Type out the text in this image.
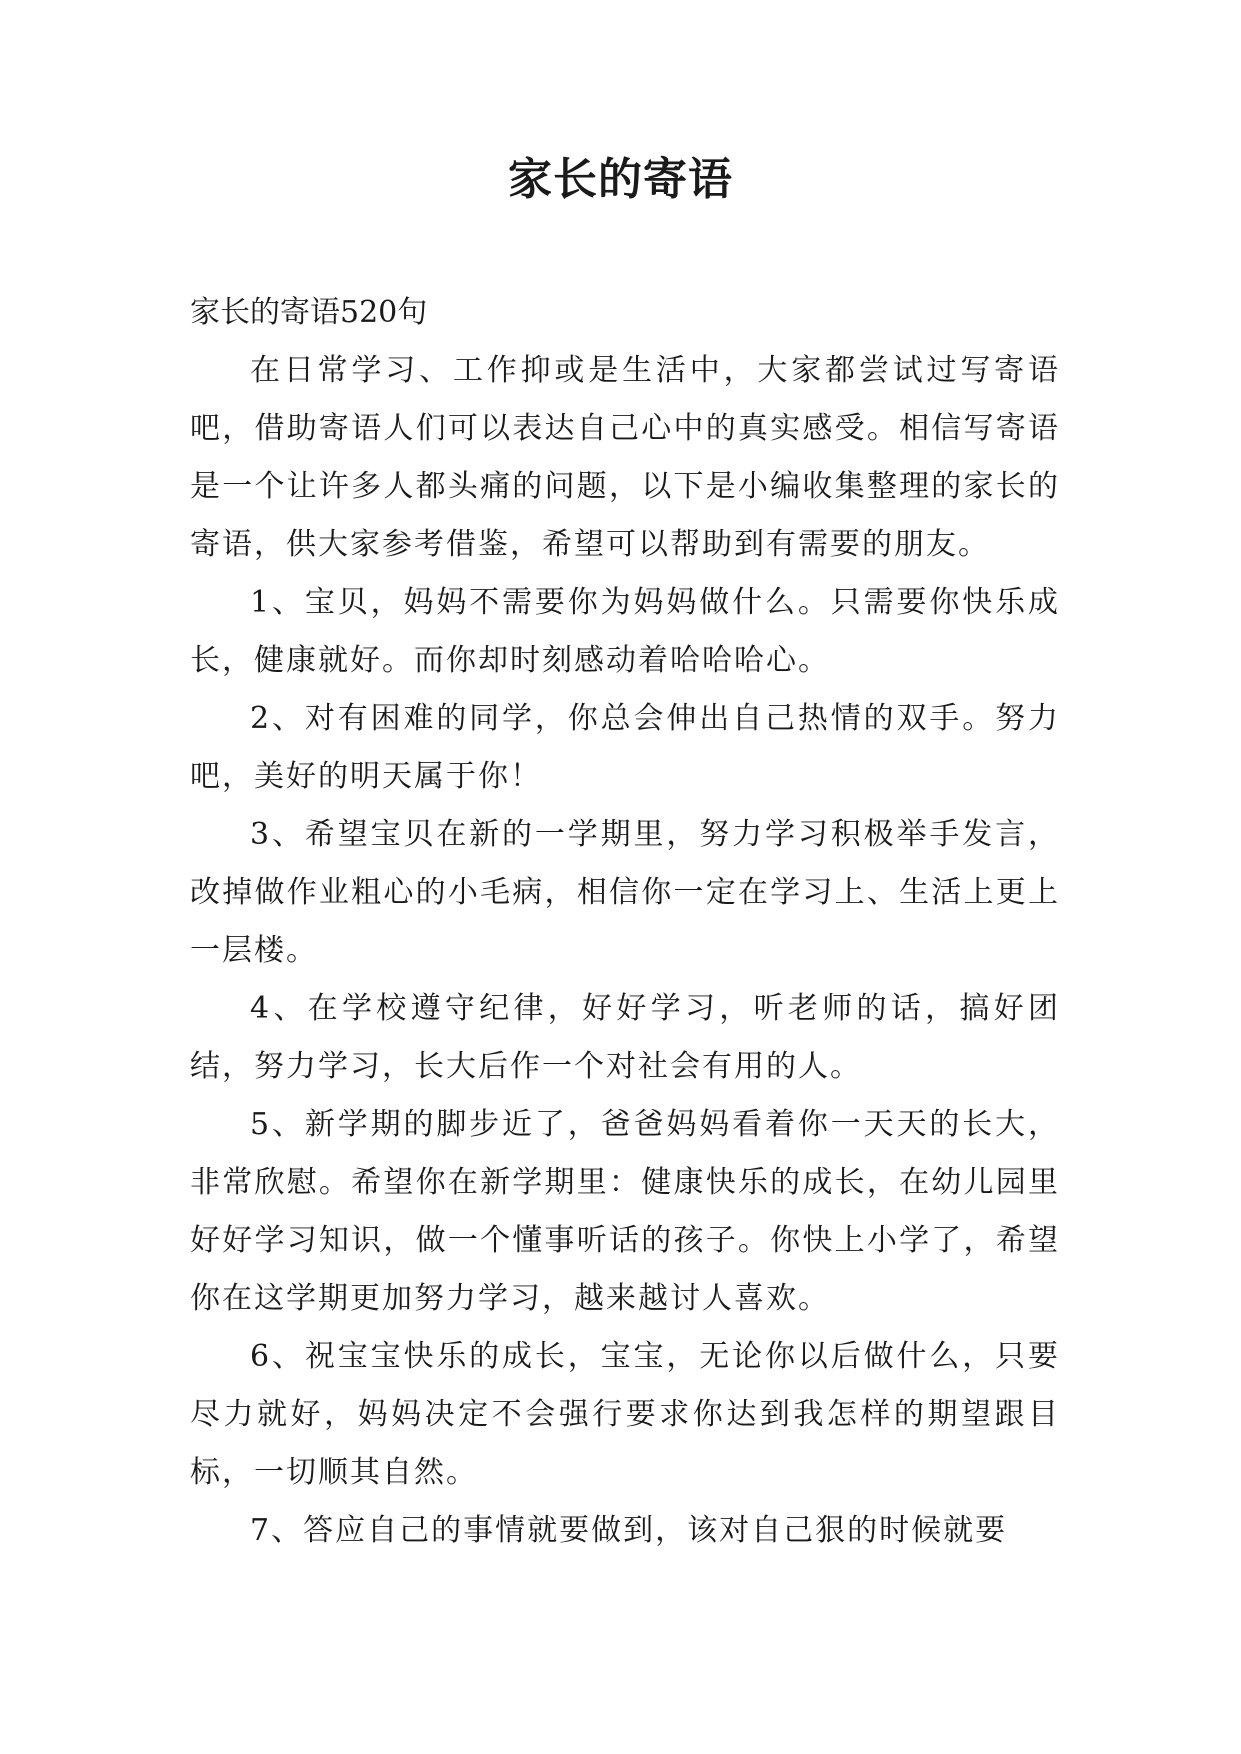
家长的寄语

家长的寄语520句

在日常学习、工作抑或是生活中，大家都尝试过写寄语吧，借助寄语人们可以表达自己心中的真实感受。相信写寄语是一个让许多人都头痛的问题，以下是小编收集整理的家长的寄语，供大家参考借鉴，希望可以帮助到有需要的朋友。

1、宝贝，妈妈不需要你为妈妈做什么。只需要你快乐成长，健康就好。而你却时刻感动着哈哈哈心。

2、对有困难的同学，你总会伸出自己热情的双手。努力吧，美好的明天属于你！

3、希望宝贝在新的一学期里，努力学习积极举手发言，改掉做作业粗心的小毛病，相信你一定在学习上、生活上更上一层楼。

4、在学校遵守纪律，好好学习，听老师的话，搞好团结，努力学习，长大后作一个对社会有用的人。

5、新学期的脚步近了，爸爸妈妈看着你一天天的长大，非常欣慰。希望你在新学期里：健康快乐的成长，在幼儿园里好好学习知识，做一个懂事听话的孩子。你快上小学了，希望你在这学期更加努力学习，越来越讨人喜欢。

6、祝宝宝快乐的成长，宝宝，无论你以后做什么，只要尽力就好，妈妈决定不会强行要求你达到我怎样的期望跟目标，一切顺其自然。

7、答应自己的事情就要做到，该对自己狠的时候就要
